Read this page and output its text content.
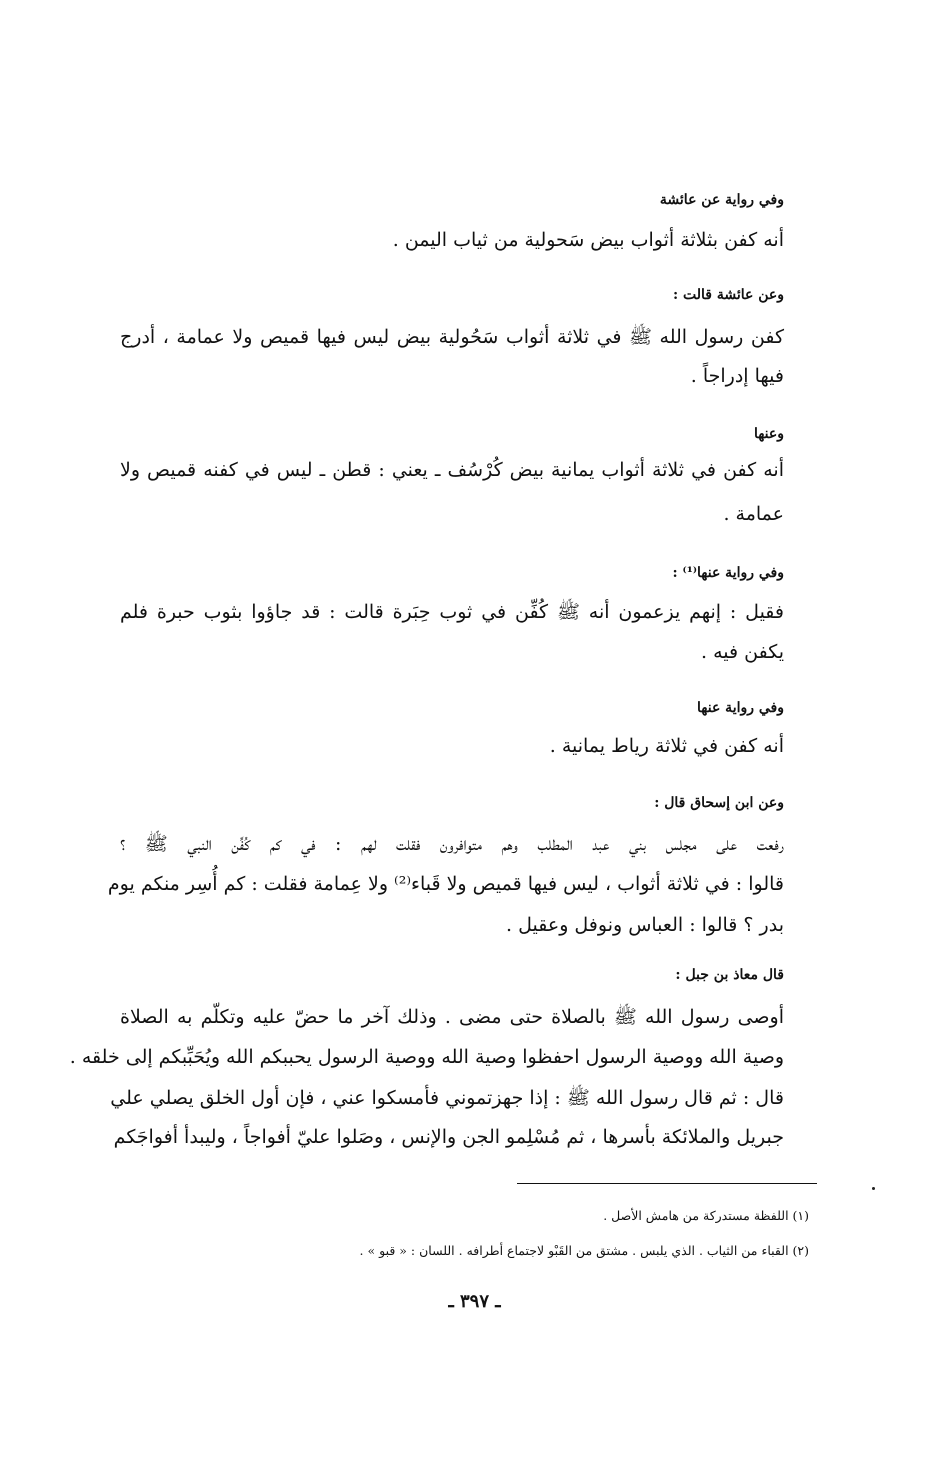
وفي رواية عن عائشة
أنه كفن بثلاثة أثواب بيض سَحولية من ثياب اليمن .
وعن عائشة قالت :
كفن رسول الله ﷺ في ثلاثة أثواب سَحُولية بيض ليس فيها قميص ولا عمامة ، أدرج
فيها إدراجاً .
وعنها
أنه كفن في ثلاثة أثواب يمانية بيض كُرْسُف ـ يعني : قطن ـ ليس في كفنه قميص ولا
عمامة .
وفي رواية عنها⁽¹⁾ :
فقيل : إنهم يزعمون أنه ﷺ كُفِّن في ثوب حِبَرة قالت : قد جاؤوا بثوب حبرة فلم
يكفن فيه .
وفي رواية عنها
أنه كفن في ثلاثة رياط يمانية .
وعن ابن إسحاق قال :
رفعت على مجلس بني عبد المطلب وهم متوافرون فقلت لهم : في كم كُفِّن النبي ﷺ ؟
قالوا : في ثلاثة أثواب ، ليس فيها قميص ولا قَباء⁽²⁾ ولا عِمامة فقلت : كم أُسِر منكم يوم
بدر ؟ قالوا : العباس ونوفل وعقيل .
قال معاذ بن جبل :
أوصى رسول الله ﷺ بالصلاة حتى مضى . وذلك آخر ما حضّ عليه وتكلّم به الصلاة
وصية الله ووصية الرسول احفظوا وصية الله ووصية الرسول يحببكم الله ويُحَبِّبكم إلى خلقه .
قال : ثم قال رسول الله ﷺ : إذا جهزتموني فأمسكوا عني ، فإن أول الخلق يصلي علي
جبريل والملائكة بأسرها ، ثم مُسْلِمو الجن والإنس ، وصَلوا عليّ أفواجاً ، وليبدأ أفواجَكم
(١) اللفظة مستدركة من هامش الأصل .
(٢) القباء من الثياب . الذي يلبس . مشتق من القَبْو لاجتماع أطرافه . اللسان : « قبو » .
ـ ٣٩٧ ـ
